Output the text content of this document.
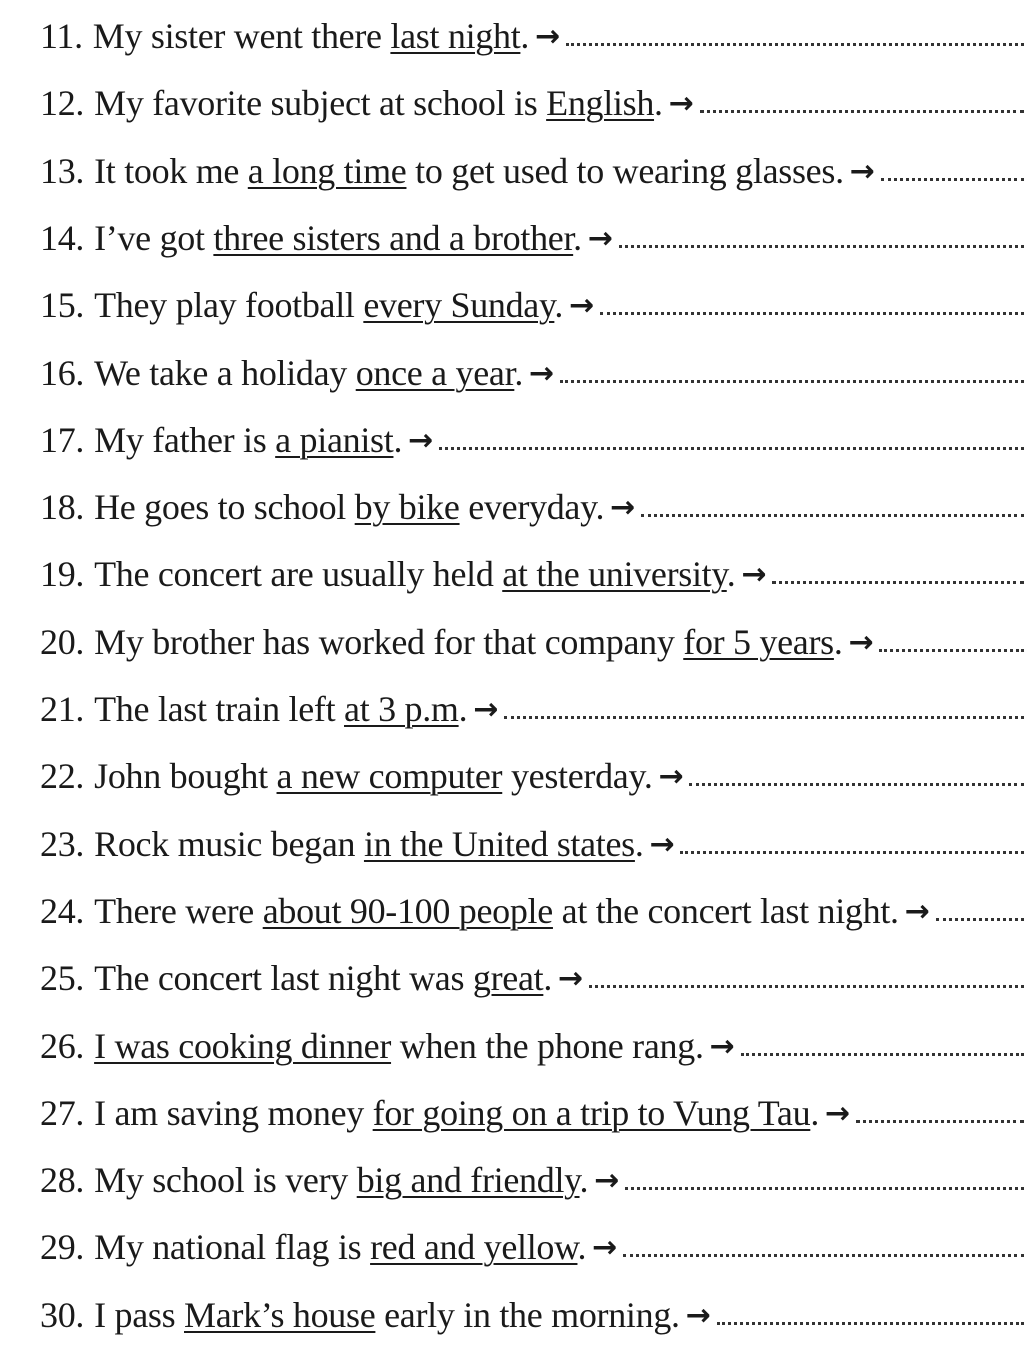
11. My sister went there last night. →
12. My favorite subject at school is English. →
13. It took me a long time to get used to wearing glasses. →
14. I’ve got three sisters and a brother. →
15. They play football every Sunday. →
16. We take a holiday once a year. →
17. My father is a pianist. →
18. He goes to school by bike everyday. →
19. The concert are usually held at the university. →
20. My brother has worked for that company for 5 years. →
21. The last train left at 3 p.m. →
22. John bought a new computer yesterday. →
23. Rock music began in the United states. →
24. There were about 90-100 people at the concert last night. →
25. The concert last night was great. →
26. I was cooking dinner when the phone rang. →
27. I am saving money for going on a trip to Vung Tau. →
28. My school is very big and friendly. →
29. My national flag is red and yellow. →
30. I pass Mark’s house early in the morning. →
